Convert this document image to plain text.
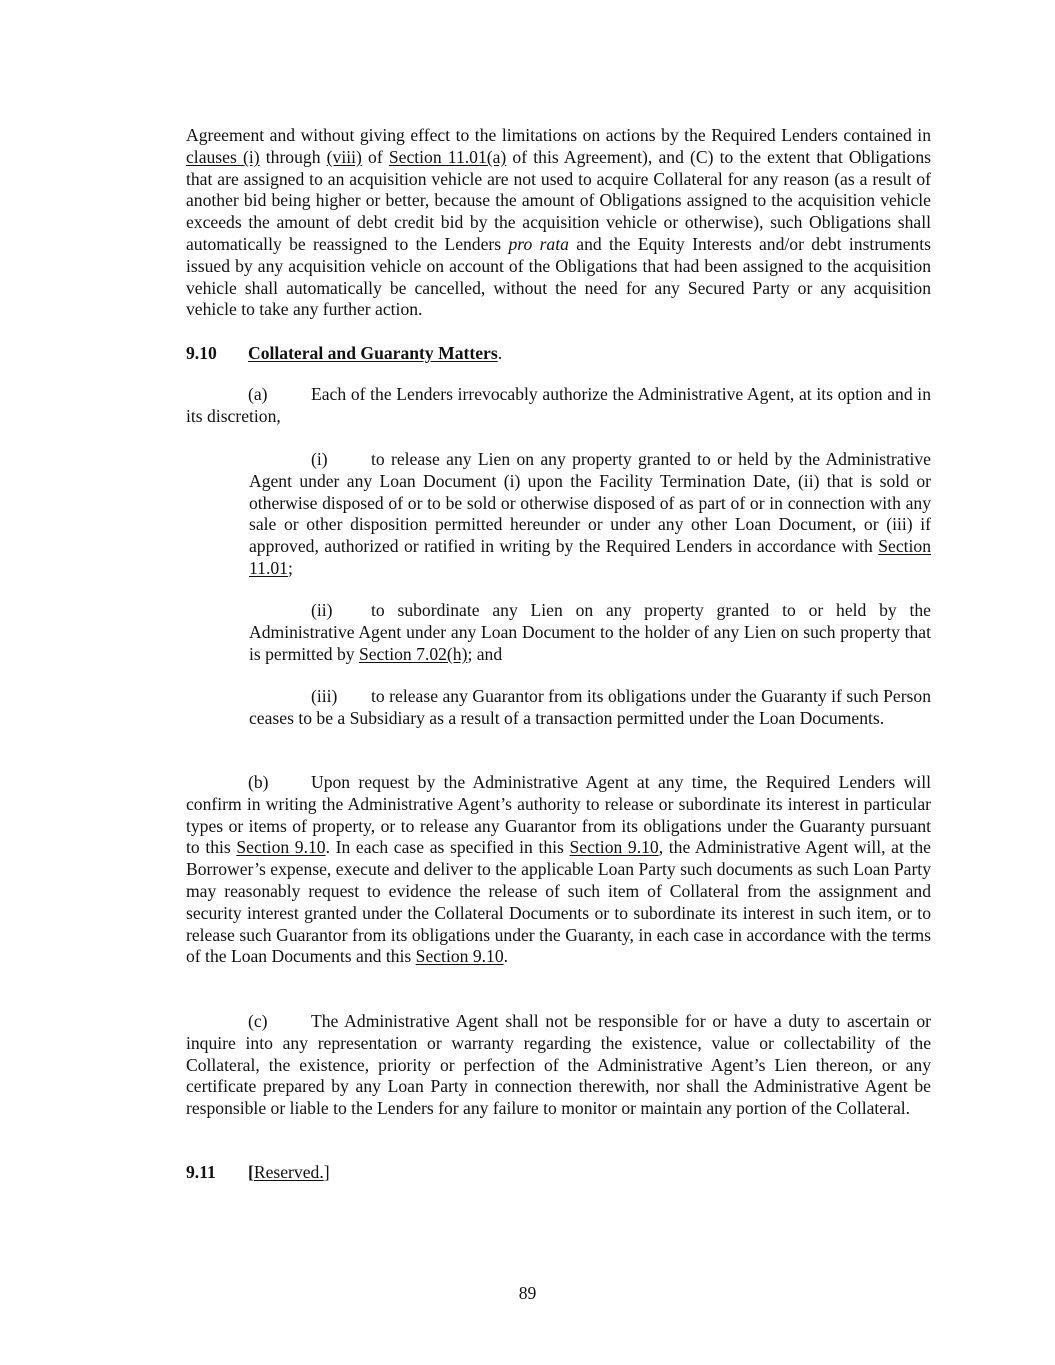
Agreement and without giving effect to the limitations on actions by the Required Lenders contained in clauses (i) through (viii) of Section 11.01(a) of this Agreement), and (C) to the extent that Obligations that are assigned to an acquisition vehicle are not used to acquire Collateral for any reason (as a result of another bid being higher or better, because the amount of Obligations assigned to the acquisition vehicle exceeds the amount of debt credit bid by the acquisition vehicle or otherwise), such Obligations shall automatically be reassigned to the Lenders pro rata and the Equity Interests and/or debt instruments issued by any acquisition vehicle on account of the Obligations that had been assigned to the acquisition vehicle shall automatically be cancelled, without the need for any Secured Party or any acquisition vehicle to take any further action.

9.10 Collateral and Guaranty Matters.

(a) Each of the Lenders irrevocably authorize the Administrative Agent, at its option and in its discretion,

(i) to release any Lien on any property granted to or held by the Administrative Agent under any Loan Document (i) upon the Facility Termination Date, (ii) that is sold or otherwise disposed of or to be sold or otherwise disposed of as part of or in connection with any sale or other disposition permitted hereunder or under any other Loan Document, or (iii) if approved, authorized or ratified in writing by the Required Lenders in accordance with Section 11.01;

(ii) to subordinate any Lien on any property granted to or held by the Administrative Agent under any Loan Document to the holder of any Lien on such property that is permitted by Section 7.02(h); and

(iii) to release any Guarantor from its obligations under the Guaranty if such Person ceases to be a Subsidiary as a result of a transaction permitted under the Loan Documents.

(b) Upon request by the Administrative Agent at any time, the Required Lenders will confirm in writing the Administrative Agent’s authority to release or subordinate its interest in particular types or items of property, or to release any Guarantor from its obligations under the Guaranty pursuant to this Section 9.10. In each case as specified in this Section 9.10, the Administrative Agent will, at the Borrower’s expense, execute and deliver to the applicable Loan Party such documents as such Loan Party may reasonably request to evidence the release of such item of Collateral from the assignment and security interest granted under the Collateral Documents or to subordinate its interest in such item, or to release such Guarantor from its obligations under the Guaranty, in each case in accordance with the terms of the Loan Documents and this Section 9.10.

(c) The Administrative Agent shall not be responsible for or have a duty to ascertain or inquire into any representation or warranty regarding the existence, value or collectability of the Collateral, the existence, priority or perfection of the Administrative Agent’s Lien thereon, or any certificate prepared by any Loan Party in connection therewith, nor shall the Administrative Agent be responsible or liable to the Lenders for any failure to monitor or maintain any portion of the Collateral.

9.11 [Reserved.]

89
